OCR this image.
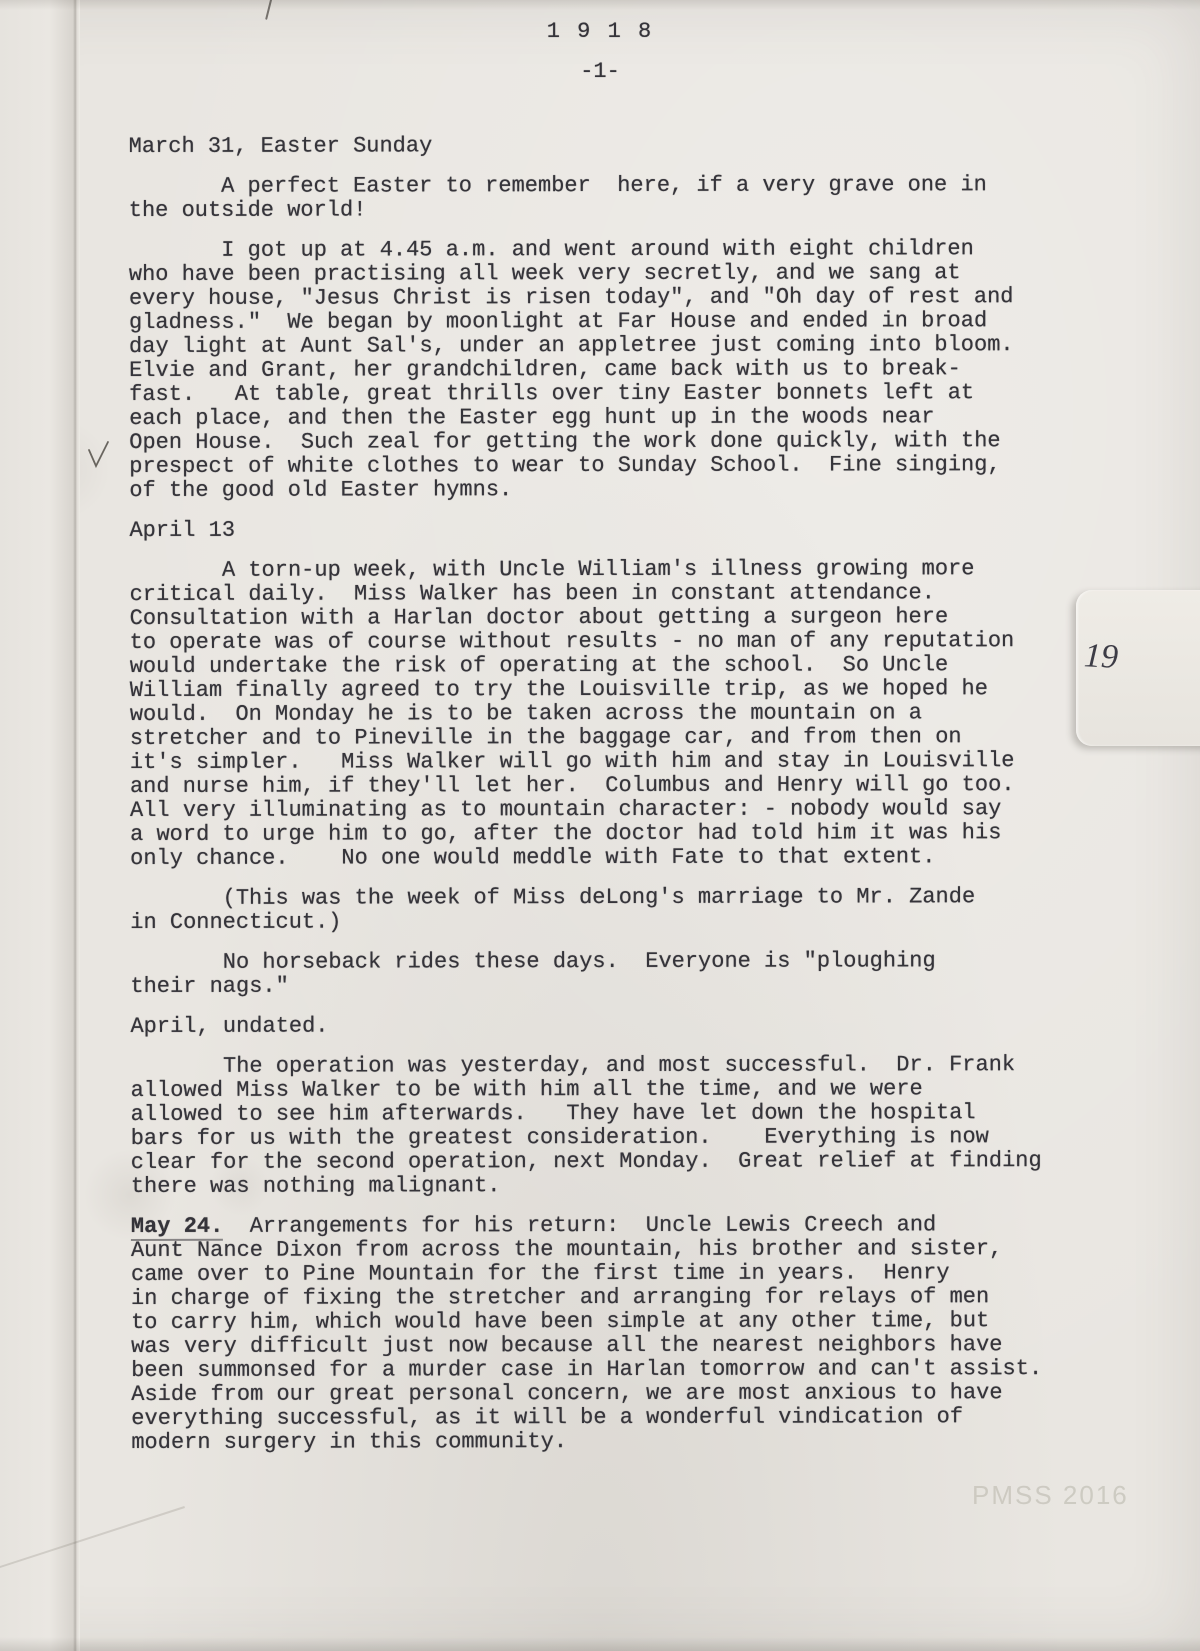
1 9 1 8
-1-
March 31, Easter Sunday
A perfect Easter to remember  here, if a very grave one in
the outside world!
I got up at 4.45 a.m. and went around with eight children
who have been practising all week very secretly, and we sang at
every house, "Jesus Christ is risen today", and "Oh day of rest and
gladness."  We began by moonlight at Far House and ended in broad
day light at Aunt Sal's, under an appletree just coming into bloom.
Elvie and Grant, her grandchildren, came back with us to break-
fast.   At table, great thrills over tiny Easter bonnets left at
each place, and then the Easter egg hunt up in the woods near
Open House.  Such zeal for getting the work done quickly, with the
prespect of white clothes to wear to Sunday School.  Fine singing,
of the good old Easter hymns.
April 13
A torn-up week, with Uncle William's illness growing more
critical daily.  Miss Walker has been in constant attendance.
Consultation with a Harlan doctor about getting a surgeon here
to operate was of course without results - no man of any reputation
would undertake the risk of operating at the school.  So Uncle
William finally agreed to try the Louisville trip, as we hoped he
would.  On Monday he is to be taken across the mountain on a
stretcher and to Pineville in the baggage car, and from then on
it's simpler.   Miss Walker will go with him and stay in Louisville
and nurse him, if they'll let her.  Columbus and Henry will go too.
All very illuminating as to mountain character: - nobody would say
a word to urge him to go, after the doctor had told him it was his
only chance.    No one would meddle with Fate to that extent.
(This was the week of Miss deLong's marriage to Mr. Zande
in Connecticut.)
No horseback rides these days.  Everyone is "ploughing
their nags."
April, undated.
The operation was yesterday, and most successful.  Dr. Frank
allowed Miss Walker to be with him all the time, and we were
allowed to see him afterwards.   They have let down the hospital
bars for us with the greatest consideration.    Everything is now
clear for the second operation, next Monday.  Great relief at finding
there was nothing malignant.
May 24.  Arrangements for his return:  Uncle Lewis Creech and
Aunt Nance Dixon from across the mountain, his brother and sister,
came over to Pine Mountain for the first time in years.  Henry
in charge of fixing the stretcher and arranging for relays of men
to carry him, which would have been simple at any other time, but
was very difficult just now because all the nearest neighbors have
been summonsed for a murder case in Harlan tomorrow and can't assist.
Aside from our great personal concern, we are most anxious to have
everything successful, as it will be a wonderful vindication of
modern surgery in this community.
19
PMSS 2016
